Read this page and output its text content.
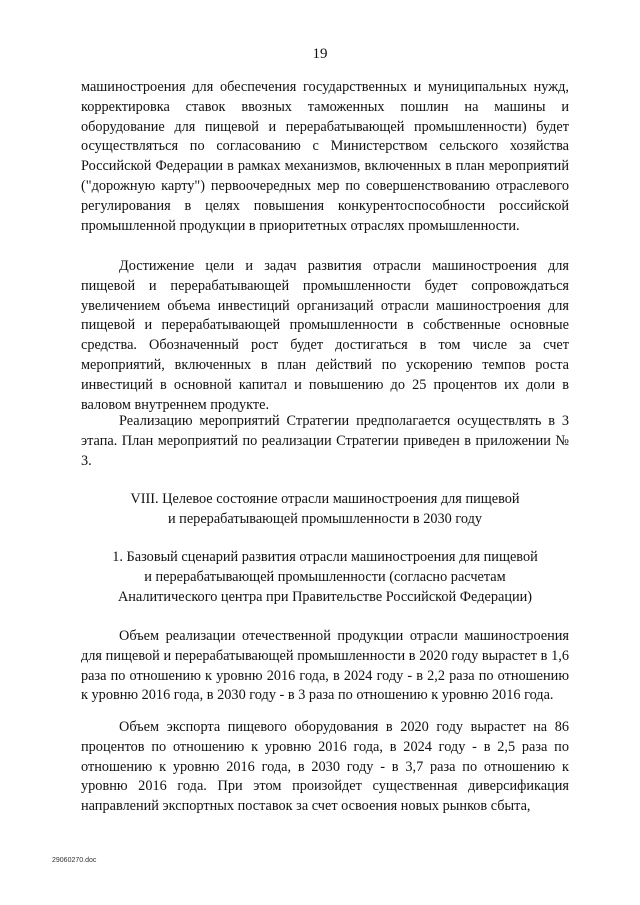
19

машиностроения для обеспечения государственных и муниципальных нужд, корректировка ставок ввозных таможенных пошлин на машины и оборудование для пищевой и перерабатывающей промышленности) будет осуществляться по согласованию с Министерством сельского хозяйства Российской Федерации в рамках механизмов, включенных в план мероприятий ("дорожную карту") первоочередных мер по совершенствованию отраслевого регулирования в целях повышения конкурентоспособности российской промышленной продукции в приоритетных отраслях промышленности.

Достижение цели и задач развития отрасли машиностроения для пищевой и перерабатывающей промышленности будет сопровождаться увеличением объема инвестиций организаций отрасли машиностроения для пищевой и перерабатывающей промышленности в собственные основные средства. Обозначенный рост будет достигаться в том числе за счет мероприятий, включенных в план действий по ускорению темпов роста инвестиций в основной капитал и повышению до 25 процентов их доли в валовом внутреннем продукте.

Реализацию мероприятий Стратегии предполагается осуществлять в 3 этапа. План мероприятий по реализации Стратегии приведен в приложении № 3.

VIII. Целевое состояние отрасли машиностроения для пищевой
и перерабатывающей промышленности в 2030 году
1. Базовый сценарий развития отрасли машиностроения для пищевой
и перерабатывающей промышленности (согласно расчетам
Аналитического центра при Правительстве Российской Федерации)

Объем реализации отечественной продукции отрасли машиностроения для пищевой и перерабатывающей промышленности в 2020 году вырастет в 1,6 раза по отношению к уровню 2016 года, в 2024 году - в 2,2 раза по отношению к уровню 2016 года, в 2030 году - в 3 раза по отношению к уровню 2016 года.

Объем экспорта пищевого оборудования в 2020 году вырастет на 86 процентов по отношению к уровню 2016 года, в 2024 году - в 2,5 раза по отношению к уровню 2016 года, в 2030 году - в 3,7 раза по отношению к уровню 2016 года. При этом произойдет существенная диверсификация направлений экспортных поставок за счет освоения новых рынков сбыта,

29060270.doc
